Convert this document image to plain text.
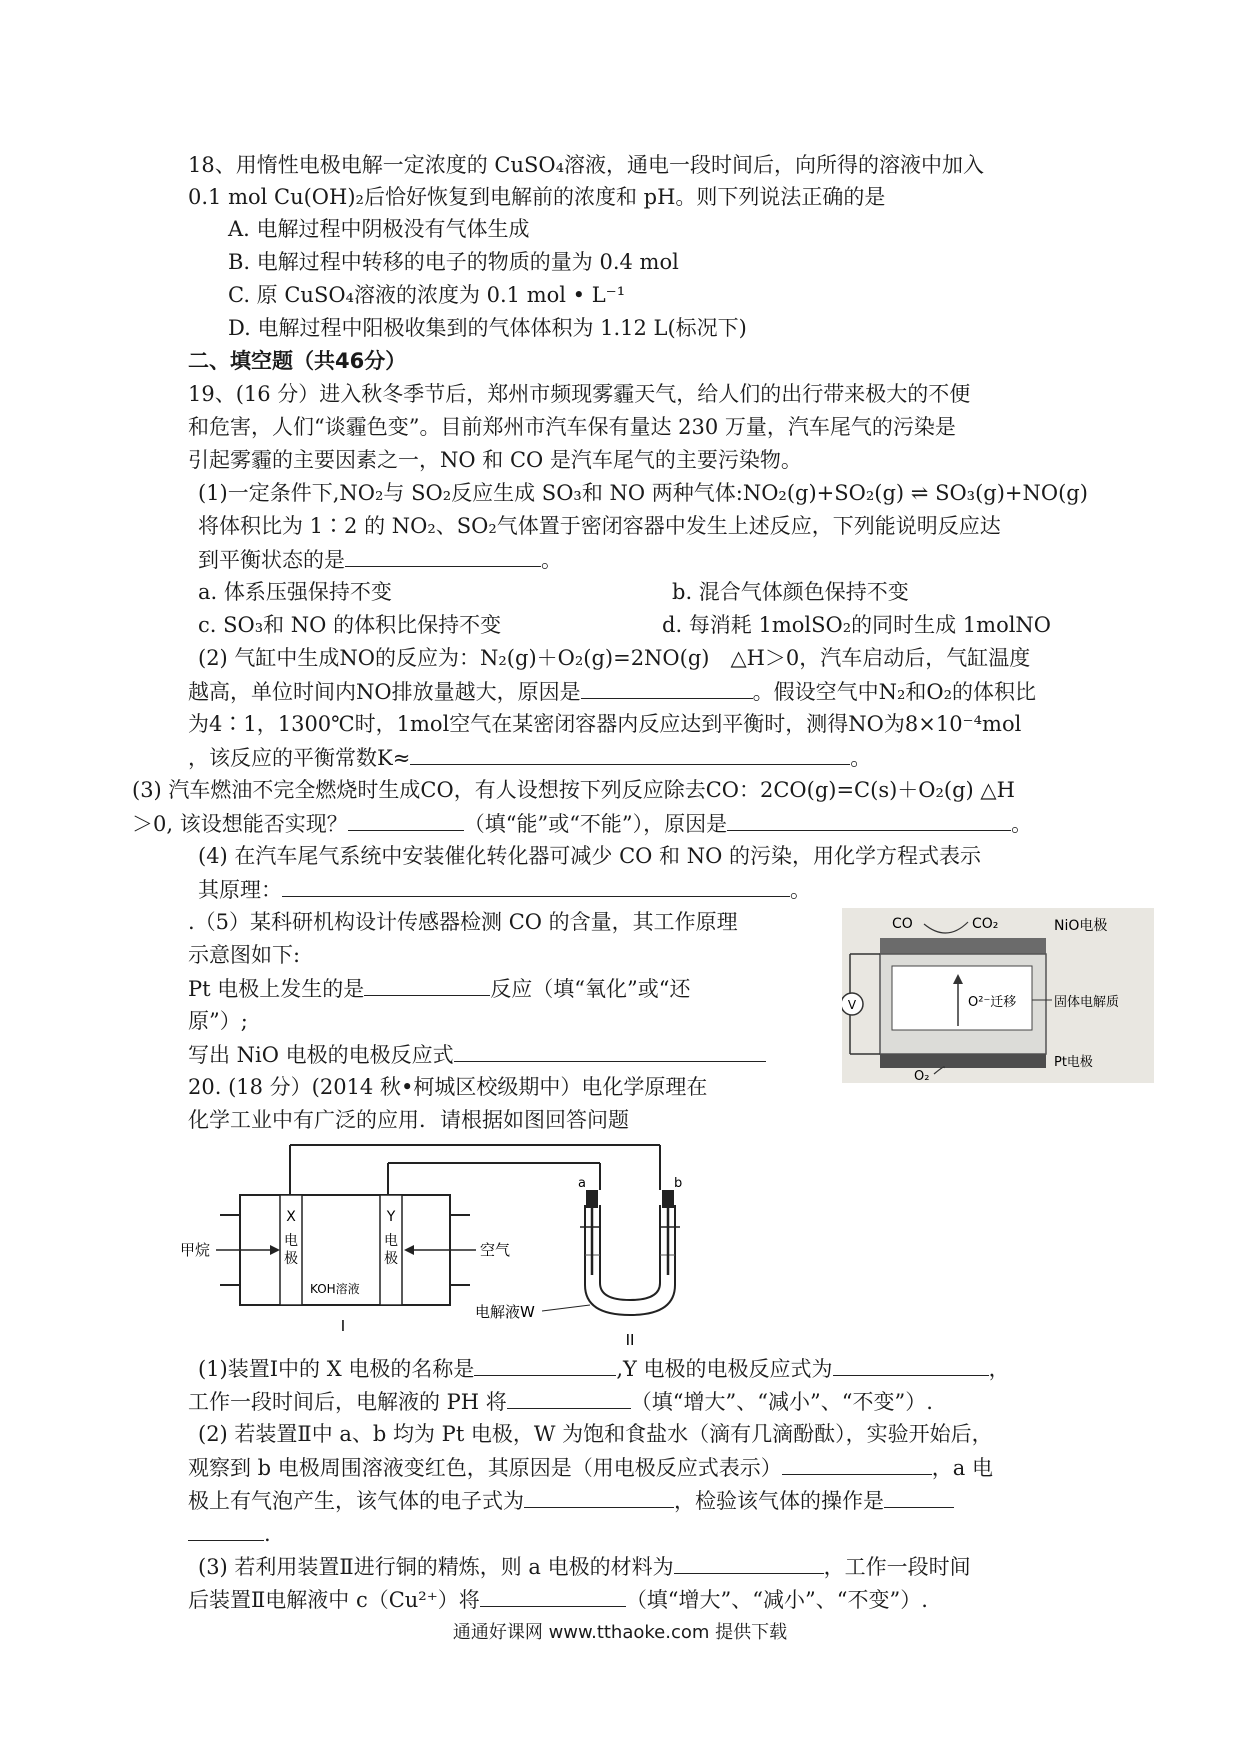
18、用惰性电极电解一定浓度的 CuSO₄溶液，通电一段时间后，向所得的溶液中加入
0.1 mol Cu(OH)₂后恰好恢复到电解前的浓度和 pH。则下列说法正确的是
A. 电解过程中阴极没有气体生成
B. 电解过程中转移的电子的物质的量为 0.4 mol
C. 原 CuSO₄溶液的浓度为 0.1 mol • L⁻¹
D. 电解过程中阳极收集到的气体体积为 1.12 L(标况下)
二、填空题（共46分）
19、(16 分）进入秋冬季节后，郑州市频现雾霾天气，给人们的出行带来极大的不便
和危害，人们“谈霾色变”。目前郑州市汽车保有量达 230 万量，汽车尾气的污染是
引起雾霾的主要因素之一，NO 和 CO 是汽车尾气的主要污染物。
(1)一定条件下,NO₂与 SO₂反应生成 SO₃和 NO 两种气体:NO₂(g)+SO₂(g) ⇌ SO₃(g)+NO(g)
将体积比为 1∶2 的 NO₂、SO₂气体置于密闭容器中发生上述反应，下列能说明反应达
到平衡状态的是	。
a. 体系压强保持不变	b. 混合气体颜色保持不变
c. SO₃和 NO 的体积比保持不变	d. 每消耗 1molSO₂的同时生成 1molNO
(2) 气缸中生成NO的反应为：N₂(g)＋O₂(g)=2NO(g)　△H＞0，汽车启动后，气缸温度
越高，单位时间内NO排放量越大，原因是	。假设空气中N₂和O₂的体积比
为4∶1，1300℃时，1mol空气在某密闭容器内反应达到平衡时，测得NO为8×10⁻⁴mol
，该反应的平衡常数K≈	。
(3) 汽车燃油不完全燃烧时生成CO，有人设想按下列反应除去CO：2CO(g)=C(s)＋O₂(g) △H
＞0, 该设想能否实现？	（填“能”或“不能”），原因是	。
(4) 在汽车尾气系统中安装催化转化器可减少 CO 和 NO 的污染，用化学方程式表示
其原理：	。
.（5）某科研机构设计传感器检测 CO 的含量，其工作原理
示意图如下:
Pt 电极上发生的是	反应（填“氧化”或“还
原”）;
写出 NiO 电极的电极反应式
V
CO	CO₂	NiO电极
O²⁻迁移	固体电解质
Pt电极
O₂
20. (18 分）(2014 秋•柯城区校级期中）电化学原理在
化学工业中有广泛的应用．请根据如图回答问题
X
电
极
Y
电
极
KOH溶液
甲烷	空气
I
a	b
电解液W
II
(1)装置Ⅰ中的 X 电极的名称是	,Y 电极的电极反应式为	，
工作一段时间后，电解液的 PH 将	（填“增大”、“减小”、“不变”）.
(2) 若装置Ⅱ中 a、b 均为 Pt 电极，W 为饱和食盐水（滴有几滴酚酞），实验开始后，
观察到 b 电极周围溶液变红色，其原因是（用电极反应式表示）	，a 电
极上有气泡产生，该气体的电子式为	，检验该气体的操作是
.
(3) 若利用装置Ⅱ进行铜的精炼，则 a 电极的材料为	，工作一段时间
后装置Ⅱ电解液中 c（Cu²⁺）将	（填“增大”、“减小”、“不变”）.
通通好课网 www.tthaoke.com 提供下载
